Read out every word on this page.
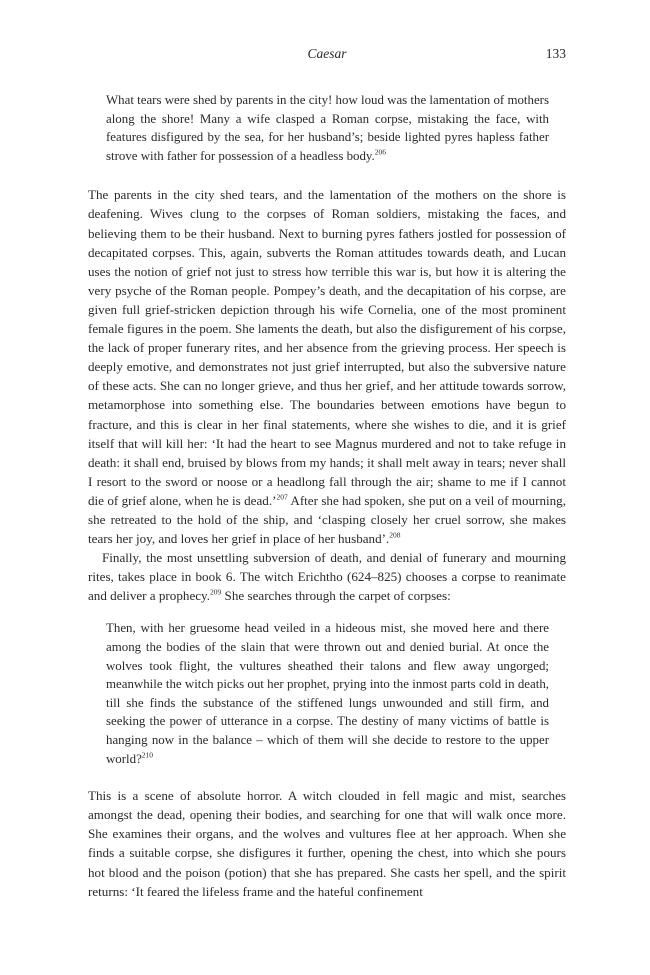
Caesar	133

What tears were shed by parents in the city! how loud was the lamentation of mothers along the shore! Many a wife clasped a Roman corpse, mistaking the face, with features disfigured by the sea, for her husband’s; beside lighted pyres hapless father strove with father for possession of a headless body.$^{206}$

The parents in the city shed tears, and the lamentation of the mothers on the shore is deafening. Wives clung to the corpses of Roman soldiers, mistaking the faces, and believing them to be their husband. Next to burning pyres fathers jostled for possession of decapitated corpses. This, again, subverts the Roman attitudes towards death, and Lucan uses the notion of grief not just to stress how terrible this war is, but how it is altering the very psyche of the Roman people. Pompey’s death, and the decapitation of his corpse, are given full grief-stricken depiction through his wife Cornelia, one of the most prominent female figures in the poem. She laments the death, but also the disfigurement of his corpse, the lack of proper funerary rites, and her absence from the grieving process. Her speech is deeply emotive, and demonstrates not just grief interrupted, but also the subversive nature of these acts. She can no longer grieve, and thus her grief, and her attitude towards sorrow, metamorphose into something else. The boundaries between emotions have begun to fracture, and this is clear in her final statements, where she wishes to die, and it is grief itself that will kill her: ‘It had the heart to see Magnus murdered and not to take refuge in death: it shall end, bruised by blows from my hands; it shall melt away in tears; never shall I resort to the sword or noose or a headlong fall through the air; shame to me if I cannot die of grief alone, when he is dead.’$^{207}$ After she had spoken, she put on a veil of mourning, she retreated to the hold of the ship, and ‘clasping closely her cruel sorrow, she makes tears her joy, and loves her grief in place of her husband’.$^{208}$

Finally, the most unsettling subversion of death, and denial of funerary and mourning rites, takes place in book 6. The witch Erichtho (624–825) chooses a corpse to reanimate and deliver a prophecy.$^{209}$ She searches through the carpet of corpses:

Then, with her gruesome head veiled in a hideous mist, she moved here and there among the bodies of the slain that were thrown out and denied burial. At once the wolves took flight, the vultures sheathed their talons and flew away ungorged; meanwhile the witch picks out her prophet, prying into the inmost parts cold in death, till she finds the substance of the stiffened lungs unwounded and still firm, and seeking the power of utterance in a corpse. The destiny of many victims of battle is hanging now in the balance – which of them will she decide to restore to the upper world?$^{210}$

This is a scene of absolute horror. A witch clouded in fell magic and mist, searches amongst the dead, opening their bodies, and searching for one that will walk once more. She examines their organs, and the wolves and vultures flee at her approach. When she finds a suitable corpse, she disfigures it further, opening the chest, into which she pours hot blood and the poison (potion) that she has prepared. She casts her spell, and the spirit returns: ‘It feared the lifeless frame and the hateful confinement
